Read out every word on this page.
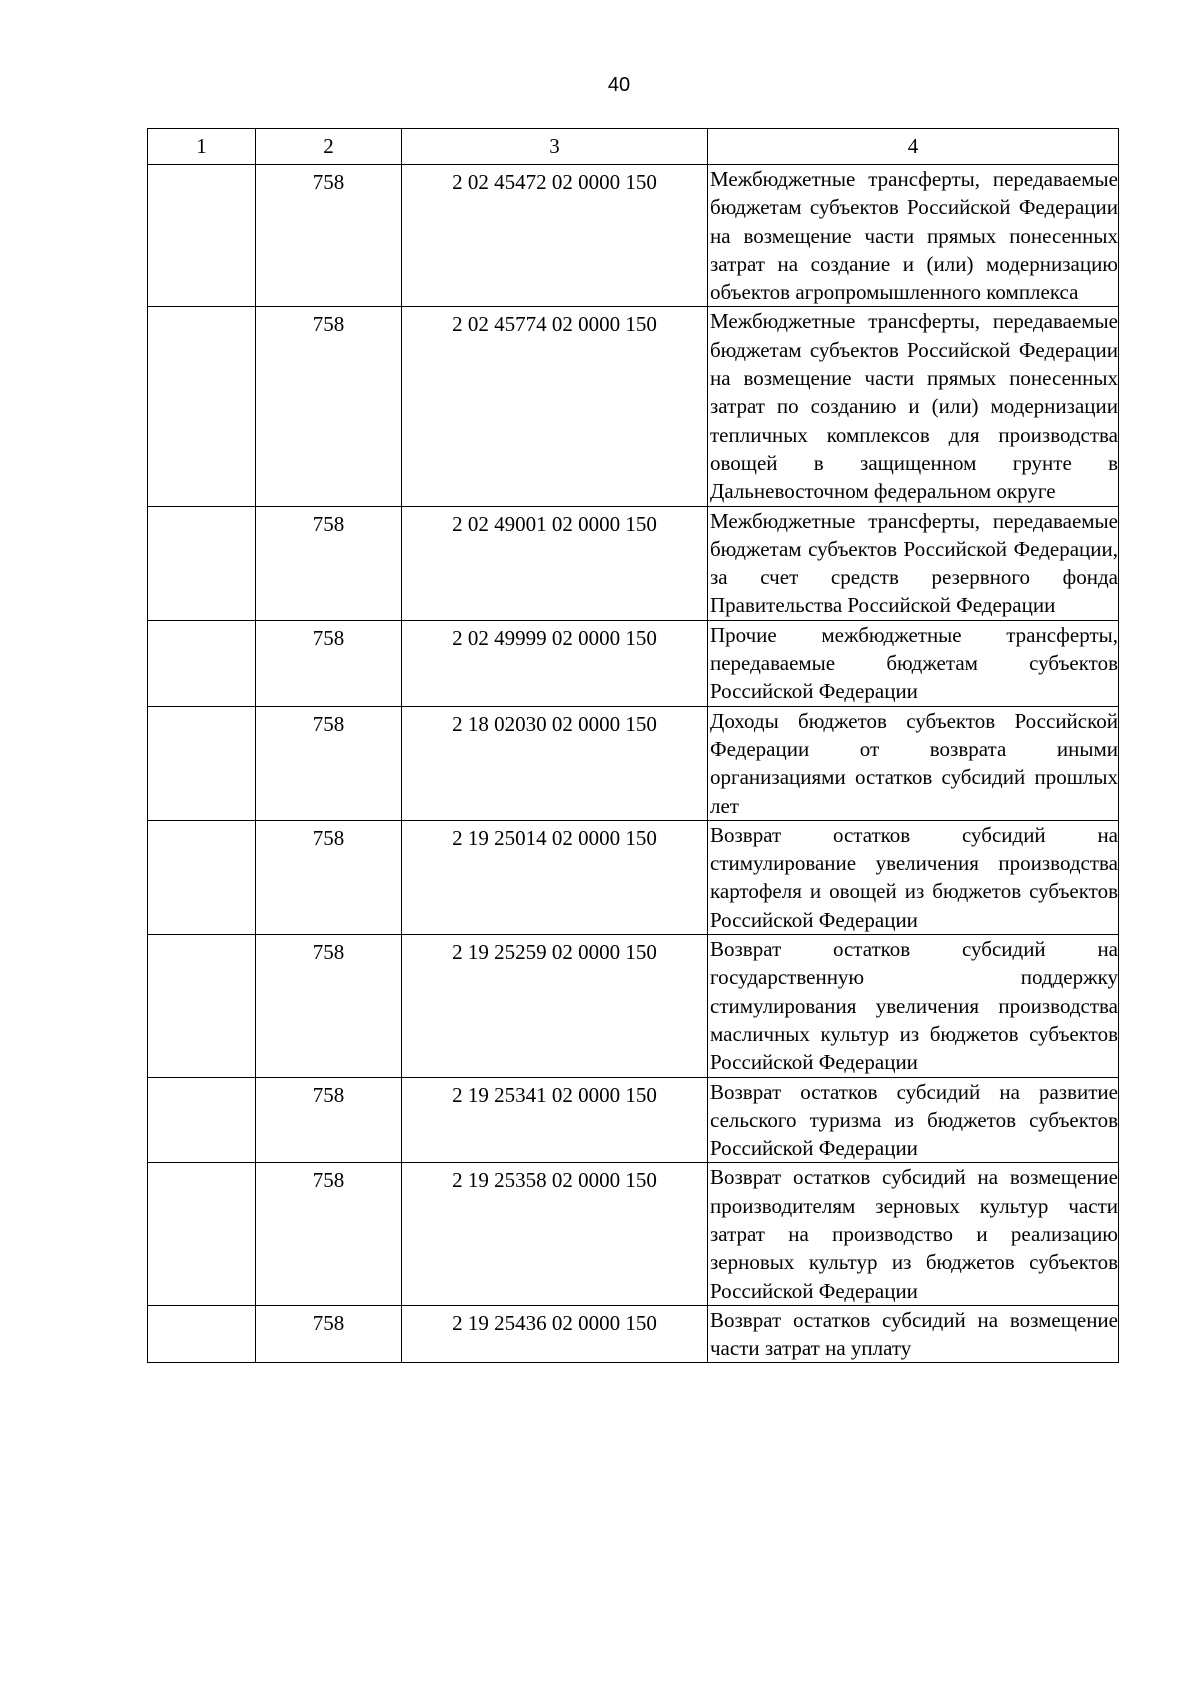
40
1	2	3	4
	758	2 02 45472 02 0000 150	Межбюджетные трансферты, передаваемые бюджетам субъектов Российской Федерации на возмещение части прямых понесенных затрат на создание и (или) модернизацию объектов агропромышленного комплекса

	758	2 02 45774 02 0000 150	Межбюджетные трансферты, передаваемые бюджетам субъектов Российской Федерации на возмещение части прямых понесенных затрат по созданию и (или) модернизации тепличных комплексов для производства овощей в защищенном грунте в Дальневосточном федеральном округе

	758	2 02 49001 02 0000 150	Межбюджетные трансферты, передаваемые бюджетам субъектов Российской Федерации, за счет средств резервного фонда Правительства Российской Федерации

	758	2 02 49999 02 0000 150	Прочие межбюджетные трансферты, передаваемые бюджетам субъектов Российской Федерации

	758	2 18 02030 02 0000 150	Доходы бюджетов субъектов Российской Федерации от возврата иными организациями остатков субсидий прошлых лет

	758	2 19 25014 02 0000 150	Возврат остатков субсидий на стимулирование увеличения производства картофеля и овощей из бюджетов субъектов Российской Федерации

	758	2 19 25259 02 0000 150	Возврат остатков субсидий на государственную поддержку стимулирования увеличения производства масличных культур из бюджетов субъектов Российской Федерации

	758	2 19 25341 02 0000 150	Возврат остатков субсидий на развитие сельского туризма из бюджетов субъектов Российской Федерации

	758	2 19 25358 02 0000 150	Возврат остатков субсидий на возмещение производителям зерновых культур части затрат на производство и реализацию зерновых культур из бюджетов субъектов Российской Федерации

	758	2 19 25436 02 0000 150	Возврат остатков субсидий на возмещение части затрат на уплату
